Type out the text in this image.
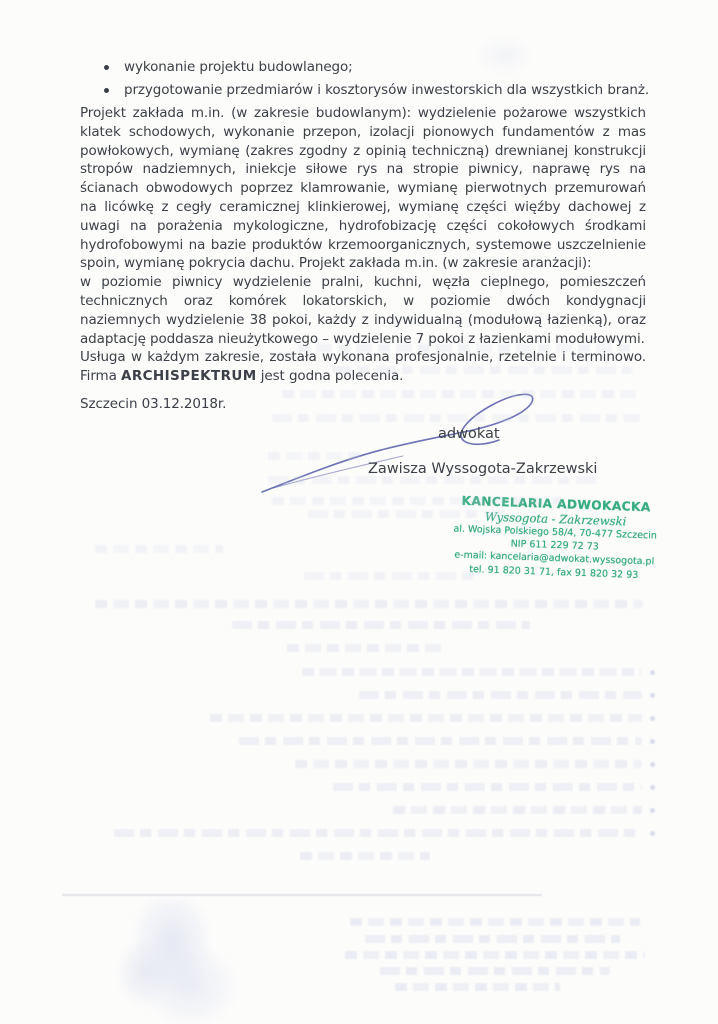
wykonanie projektu budowlanego;
przygotowanie przedmiarów i kosztorysów inwestorskich dla wszystkich branż.

Projekt zakłada m.in. (w zakresie budowlanym): wydzielenie pożarowe wszystkich klatek schodowych, wykonanie przepon, izolacji pionowych fundamentów z mas powłokowych, wymianę (zakres zgodny z opinią techniczną) drewnianej konstrukcji stropów nadziemnych, iniekcje siłowe rys na stropie piwnicy, naprawę rys na ścianach obwodowych poprzez klamrowanie, wymianę pierwotnych przemurowań na licówkę z cegły ceramicznej klinkierowej, wymianę części więźby dachowej z uwagi na porażenia mykologiczne, hydrofobizację części cokołowych środkami hydrofobowymi na bazie produktów krzemoorganicznych, systemowe uszczelnienie spoin, wymianę pokrycia dachu. Projekt zakłada m.in. (w zakresie aranżacji):

w poziomie piwnicy wydzielenie pralni, kuchni, węzła cieplnego, pomieszczeń technicznych oraz komórek lokatorskich, w poziomie dwóch kondygnacji naziemnych wydzielenie 38 pokoi, każdy z indywidualną (modułową łazienką), oraz adaptację poddasza nieużytkowego – wydzielenie 7 pokoi z łazienkami modułowymi.

Usługa w każdym zakresie, została wykonana profesjonalnie, rzetelnie i terminowo. Firma ARCHISPEKTRUM jest godna polecenia.

Szczecin 03.12.2018r.
adwokat
Zawisza Wyssogota-Zakrzewski
KANCELARIA ADWOKACKA
Wyssogota - Zakrzewski
al. Wojska Polskiego 58/4, 70-477 Szczecin
NIP 611 229 72 73
e-mail: kancelaria@adwokat.wyssogota.pl
tel. 91 820 31 71, fax 91 820 32 93
